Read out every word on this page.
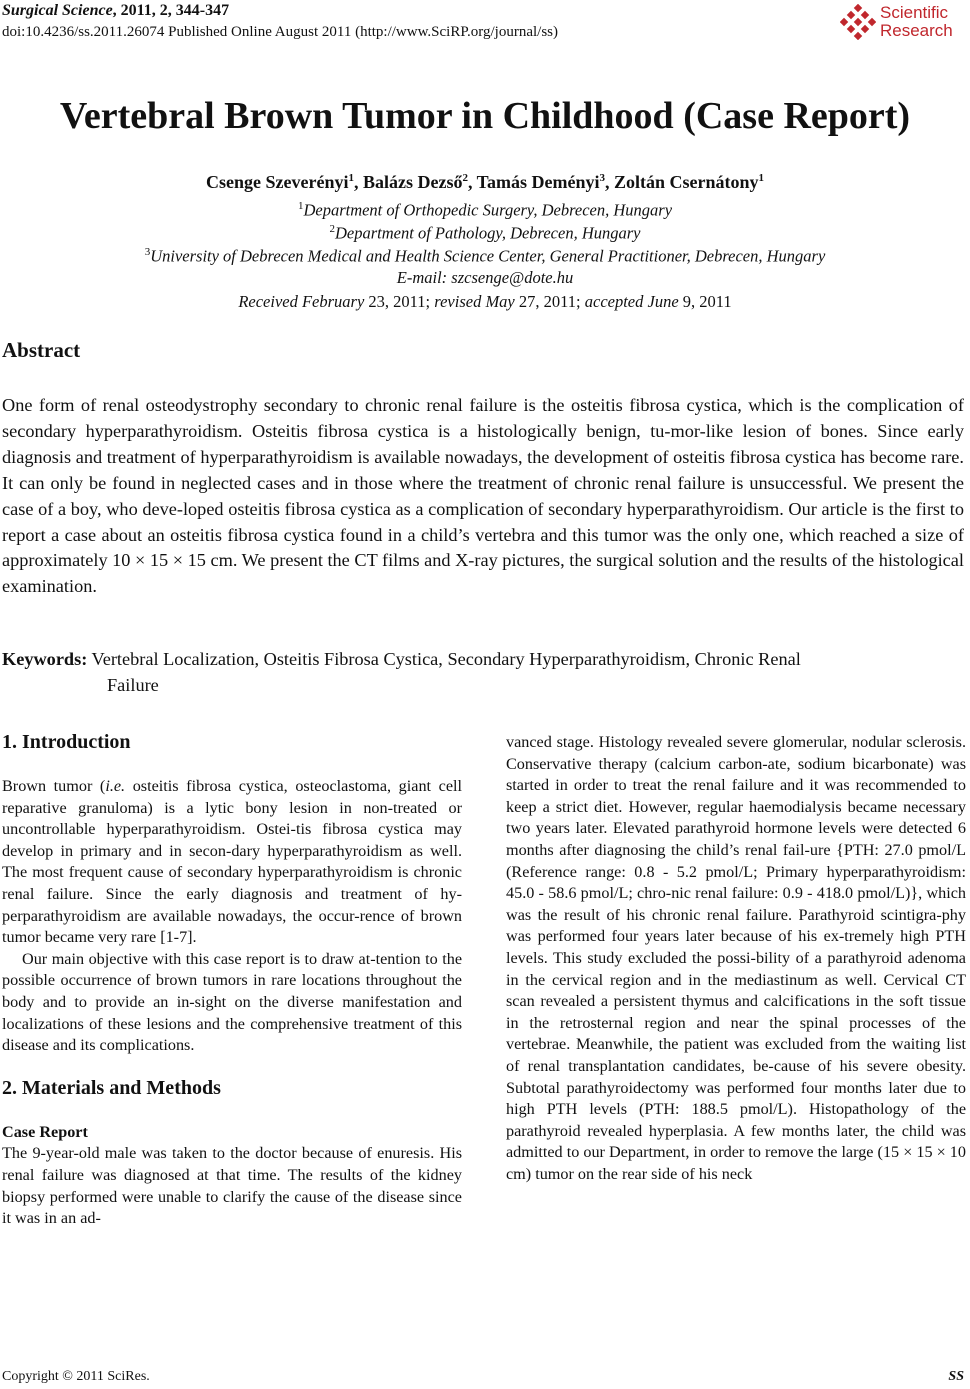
Surgical Science, 2011, 2, 344-347
doi:10.4236/ss.2011.26074 Published Online August 2011 (http://www.SciRP.org/journal/ss)
Scientific
Research
Vertebral Brown Tumor in Childhood (Case Report)
Csenge Szeverényi$^1$, Balázs Dezső$^2$, Tamás Deményi$^3$, Zoltán Csernátony$^1$
$^1$Department of Orthopedic Surgery, Debrecen, Hungary
$^2$Department of Pathology, Debrecen, Hungary
$^3$University of Debrecen Medical and Health Science Center, General Practitioner, Debrecen, Hungary
E-mail: szcsenge@dote.hu
Received February 23, 2011; revised May 27, 2011; accepted June 9, 2011
Abstract
One form of renal osteodystrophy secondary to chronic renal failure is the osteitis fibrosa cystica, which is the complication of secondary hyperparathyroidism. Osteitis fibrosa cystica is a histologically benign, tu-mor-like lesion of bones. Since early diagnosis and treatment of hyperparathyroidism is available nowadays, the development of osteitis fibrosa cystica has become rare. It can only be found in neglected cases and in those where the treatment of chronic renal failure is unsuccessful. We present the case of a boy, who deve-loped osteitis fibrosa cystica as a complication of secondary hyperparathyroidism. Our article is the first to report a case about an osteitis fibrosa cystica found in a child’s vertebra and this tumor was the only one, which reached a size of approximately 10 × 15 × 15 cm. We present the CT films and X-ray pictures, the surgical solution and the results of the histological examination.
Keywords: Vertebral Localization, Osteitis Fibrosa Cystica, Secondary Hyperparathyroidism, Chronic Renal
Failure
1. Introduction

Brown tumor (i.e. osteitis fibrosa cystica, osteoclastoma, giant cell reparative granuloma) is a lytic bony lesion in non-treated or uncontrollable hyperparathyroidism. Ostei-tis fibrosa cystica may develop in primary and in secon-dary hyperparathyroidism as well. The most frequent cause of secondary hyperparathyroidism is chronic renal failure. Since the early diagnosis and treatment of hy-perparathyroidism are available nowadays, the occur-rence of brown tumor became very rare [1-7].

Our main objective with this case report is to draw at-tention to the possible occurrence of brown tumors in rare locations throughout the body and to provide an in-sight on the diverse manifestation and localizations of these lesions and the comprehensive treatment of this disease and its complications.

2. Materials and Methods
Case Report

The 9-year-old male was taken to the doctor because of enuresis. His renal failure was diagnosed at that time. The results of the kidney biopsy performed were unable to clarify the cause of the disease since it was in an ad-

vanced stage. Histology revealed severe glomerular, nodular sclerosis. Conservative therapy (calcium carbon-ate, sodium bicarbonate) was started in order to treat the renal failure and it was recommended to keep a strict diet. However, regular haemodialysis became necessary two years later. Elevated parathyroid hormone levels were detected 6 months after diagnosing the child’s renal fail-ure {PTH: 27.0 pmol/L (Reference range: 0.8 - 5.2 pmol/L; Primary hyperparathyroidism: 45.0 - 58.6 pmol/L; chro-nic renal failure: 0.9 - 418.0 pmol/L)}, which was the result of his chronic renal failure. Parathyroid scintigra-phy was performed four years later because of his ex-tremely high PTH levels. This study excluded the possi-bility of a parathyroid adenoma in the cervical region and in the mediastinum as well. Cervical CT scan revealed a persistent thymus and calcifications in the soft tissue in the retrosternal region and near the spinal processes of the vertebrae. Meanwhile, the patient was excluded from the waiting list of renal transplantation candidates, be-cause of his severe obesity. Subtotal parathyroidectomy was performed four months later due to high PTH levels (PTH: 188.5 pmol/L). Histopathology of the parathyroid revealed hyperplasia. A few months later, the child was admitted to our Department, in order to remove the large (15 × 15 × 10 cm) tumor on the rear side of his neck

Copyright © 2011 SciRes.	SS
